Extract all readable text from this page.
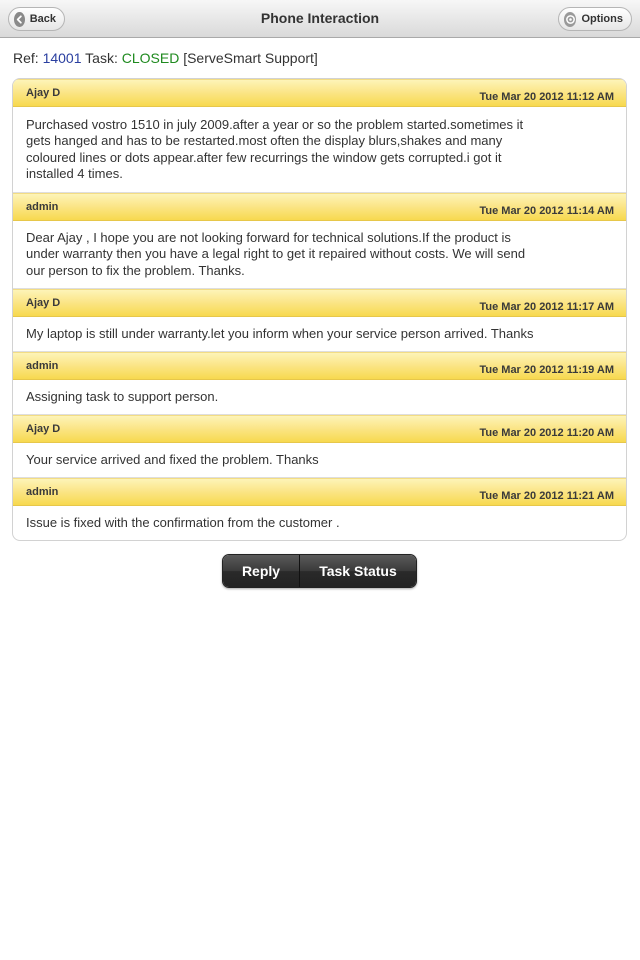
Back	Phone Interaction	Options
Ref: 14001 Task: CLOSED [ServeSmart Support]
Ajay D	Tue Mar 20 2012 11:12 AM
Purchased vostro 1510 in july 2009.after a year or so the problem started.sometimes it gets hanged and has to be restarted.most often the display blurs,shakes and many coloured lines or dots appear.after few recurrings the window gets corrupted.i got it installed 4 times.
admin	Tue Mar 20 2012 11:14 AM
Dear Ajay , I hope you are not looking forward for technical solutions.If the product is under warranty then you have a legal right to get it repaired without costs. We will send our person to fix the problem. Thanks.
Ajay D	Tue Mar 20 2012 11:17 AM
My laptop is still under warranty.let you inform when your service person arrived. Thanks
admin	Tue Mar 20 2012 11:19 AM
Assigning task to support person.
Ajay D	Tue Mar 20 2012 11:20 AM
Your service arrived and fixed the problem. Thanks
admin	Tue Mar 20 2012 11:21 AM
Issue is fixed with the confirmation from the customer .
Reply	Task Status
